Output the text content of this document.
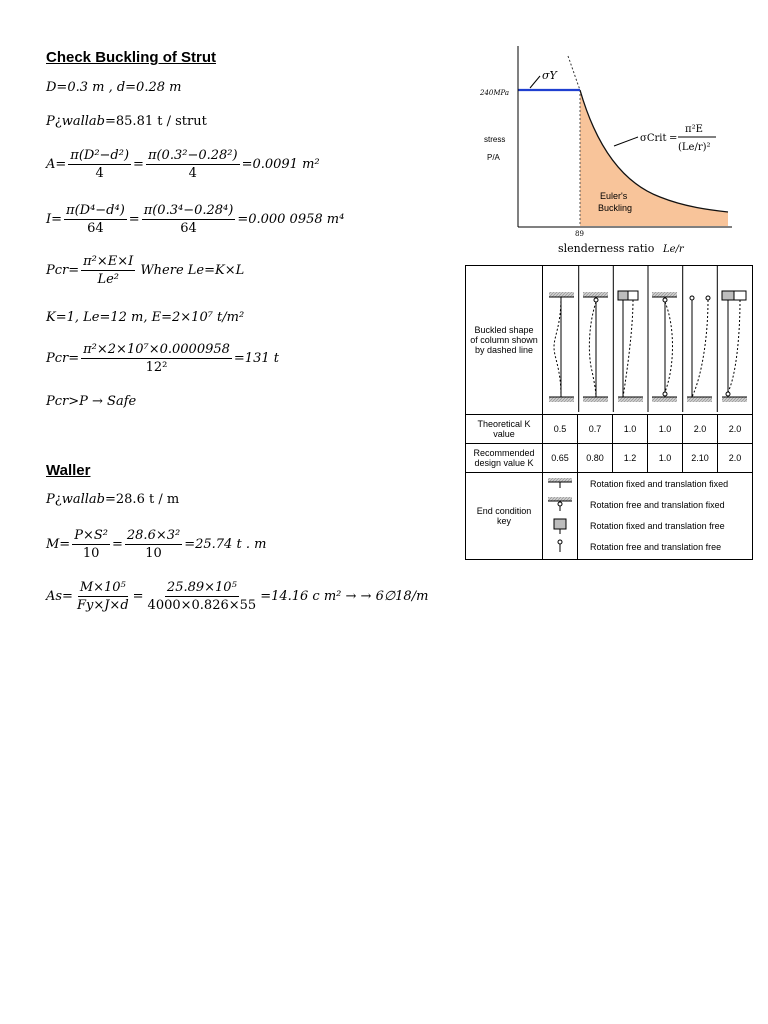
Check Buckling of Strut
D=0.3 m , d=0.28 m
P ¿ wallab =85.81 t / strut
$A= \frac{\text{π(D²−d²)}}{4} = \frac{\text{π(0.3²−0.28²)}}{4} =0.0091$ m²
$I= \frac{\text{π(D⁴−d⁴)}}{64} = \frac{\text{π(0.3⁴−0.28⁴)}}{64} =0.000$ 0958 m⁴
$Pcr= \frac{\text{π²×E×I}}{\text{Le²}}$ Where Le=K×L
K=1, Le=12 m, E=2×10⁷ t/m²
$Pcr= \frac{\text{π²×2×10⁷×0.0000958}}{\text{12²}} =131$ t
Pcr>P → Safe
Waller
P ¿ wallab =28.6 t / m
$M= \frac{\text{P×S²}}{10} = \frac{\text{28.6×3²}}{10} =25.74$ t . m
$As= \frac{\text{M×10⁵}}{Fy\times J\times d} = \frac{\text{25.89×10⁵}}{4000\times 0.826\times 55} =14.16$ c m² → → 6∅18/m
σY
240MPa
stress
P/A
89
slenderness ratio Le/r
σCrit =
π²E
(Le/r)²
Euler's
Buckling
Buckled shape of column shown by dashed line	
Theoretical K value	0.5	0.7	1.0	1.0	2.0	2.0
Recommended design value K	0.65	0.80	1.2	1.0	2.10	2.0
End condition key		Rotation fixed and translation fixed
Rotation free and translation fixed
Rotation fixed and translation free
Rotation free and translation free				
